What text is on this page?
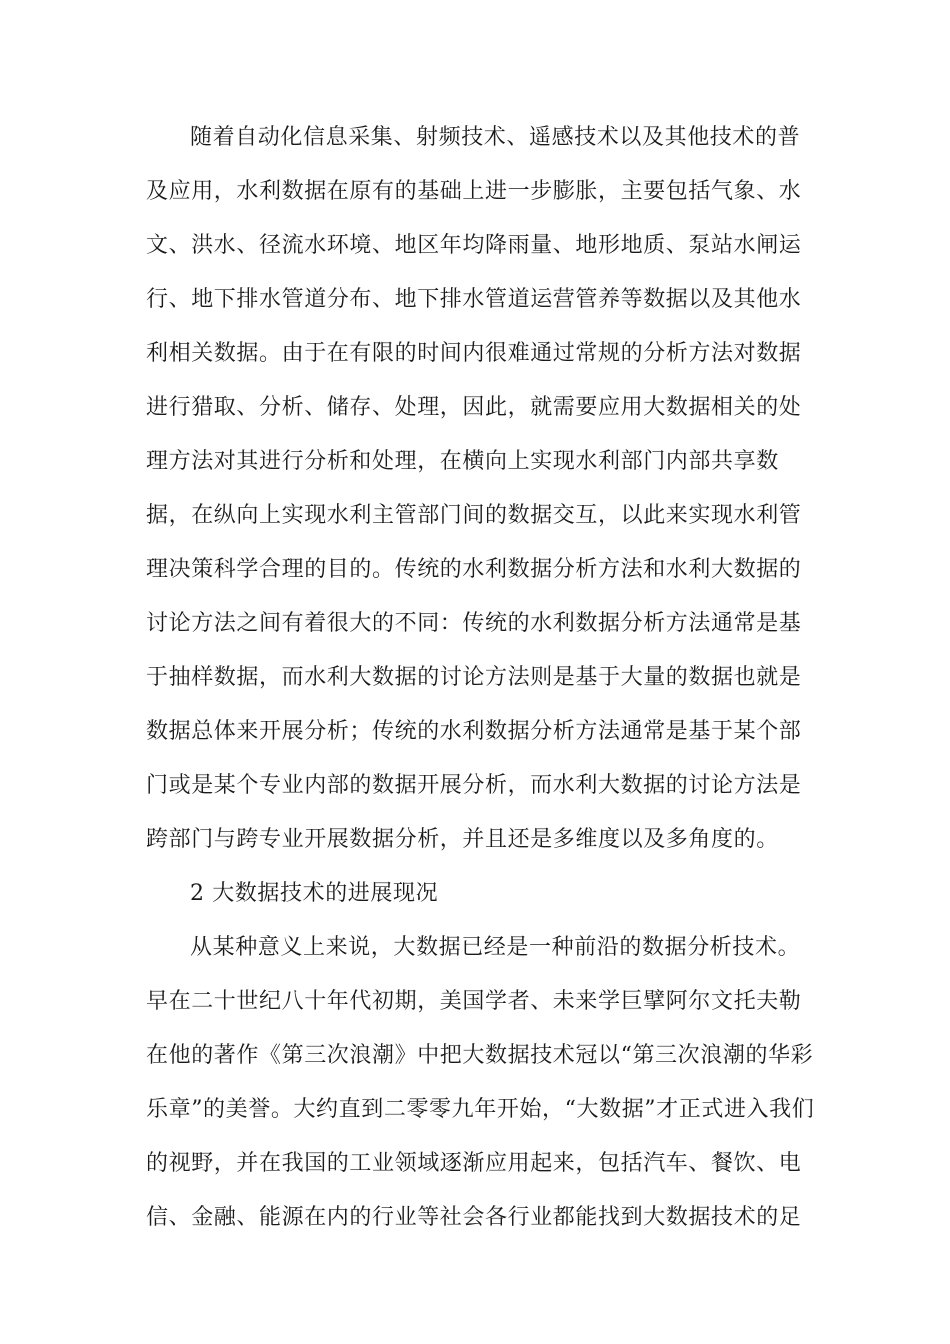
随着自动化信息采集、射频技术、遥感技术以及其他技术的普
及应用，水利数据在原有的基础上进一步膨胀，主要包括气象、水
文、洪水、径流水环境、地区年均降雨量、地形地质、泵站水闸运
行、地下排水管道分布、地下排水管道运营管养等数据以及其他水
利相关数据。由于在有限的时间内很难通过常规的分析方法对数据
进行猎取、分析、储存、处理，因此，就需要应用大数据相关的处
理方法对其进行分析和处理，在横向上实现水利部门内部共享数
据，在纵向上实现水利主管部门间的数据交互，以此来实现水利管
理决策科学合理的目的。传统的水利数据分析方法和水利大数据的
讨论方法之间有着很大的不同：传统的水利数据分析方法通常是基
于抽样数据，而水利大数据的讨论方法则是基于大量的数据也就是
数据总体来开展分析；传统的水利数据分析方法通常是基于某个部
门或是某个专业内部的数据开展分析，而水利大数据的讨论方法是
跨部门与跨专业开展数据分析，并且还是多维度以及多角度的。
2 大数据技术的进展现况
从某种意义上来说，大数据已经是一种前沿的数据分析技术。
早在二十世纪八十年代初期，美国学者、未来学巨擘阿尔文托夫勒
在他的著作《第三次浪潮》中把大数据技术冠以“第三次浪潮的华彩
乐章”的美誉。大约直到二零零九年开始，“大数据”才正式进入我们
的视野，并在我国的工业领域逐渐应用起来，包括汽车、餐饮、电
信、金融、能源在内的行业等社会各行业都能找到大数据技术的足
